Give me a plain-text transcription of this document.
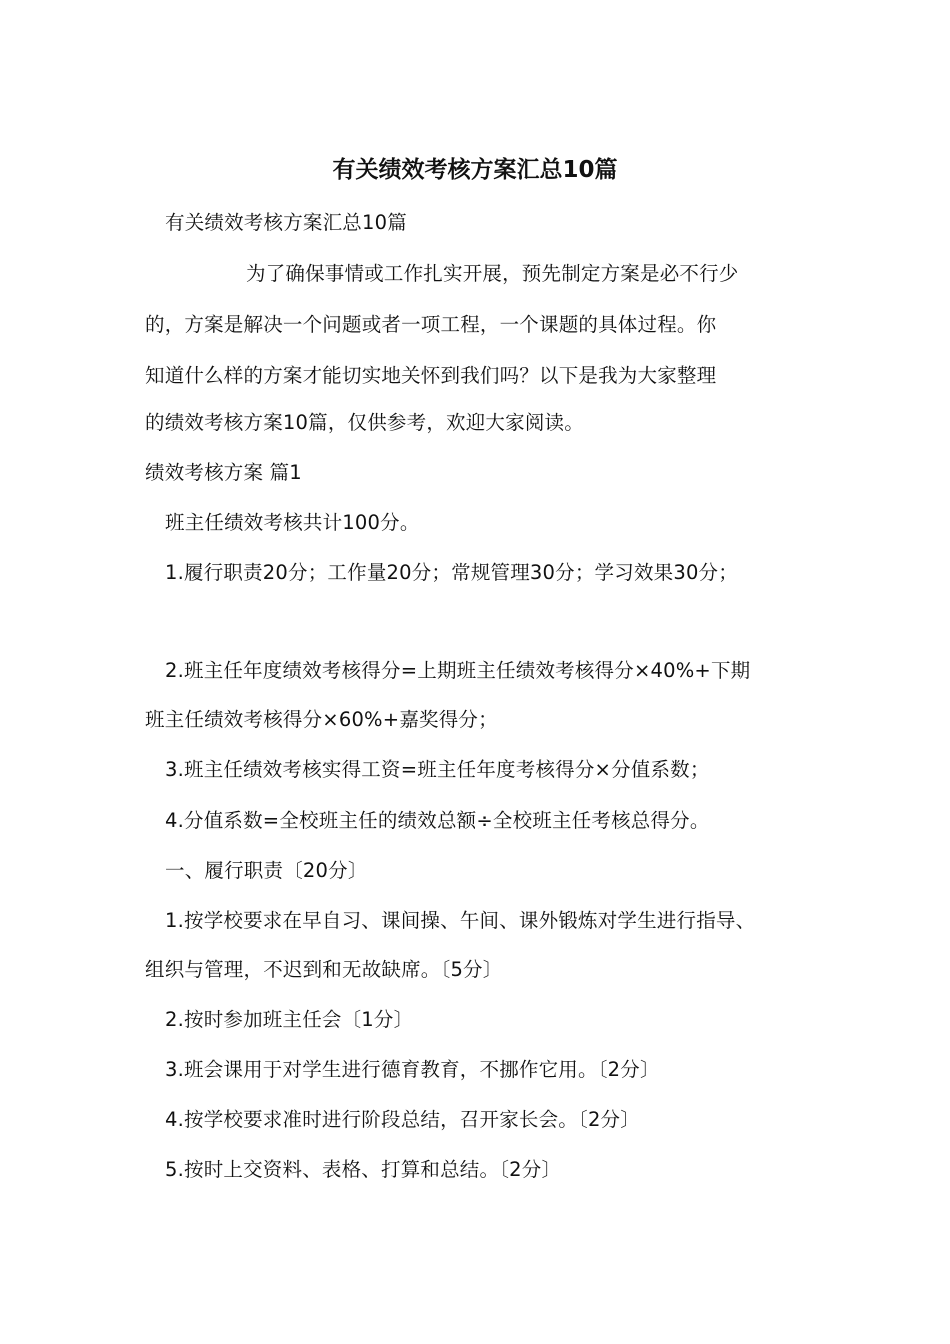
有关绩效考核方案汇总10篇
有关绩效考核方案汇总10篇
为了确保事情或工作扎实开展，预先制定方案是必不行少
的，方案是解决一个问题或者一项工程，一个课题的具体过程。你
知道什么样的方案才能切实地关怀到我们吗？以下是我为大家整理
的绩效考核方案10篇，仅供参考，欢迎大家阅读。
绩效考核方案 篇1
班主任绩效考核共计100分。
1.履行职责20分；工作量20分；常规管理30分；学习效果30分；
2.班主任年度绩效考核得分=上期班主任绩效考核得分×40%+下期
班主任绩效考核得分×60%+嘉奖得分；
3.班主任绩效考核实得工资=班主任年度考核得分×分值系数；
4.分值系数=全校班主任的绩效总额÷全校班主任考核总得分。
一、履行职责〔20分〕
1.按学校要求在早自习、课间操、午间、课外锻炼对学生进行指导、
组织与管理，不迟到和无故缺席。〔5分〕
2.按时参加班主任会〔1分〕
3.班会课用于对学生进行德育教育，不挪作它用。〔2分〕
4.按学校要求准时进行阶段总结，召开家长会。〔2分〕
5.按时上交资料、表格、打算和总结。〔2分〕
